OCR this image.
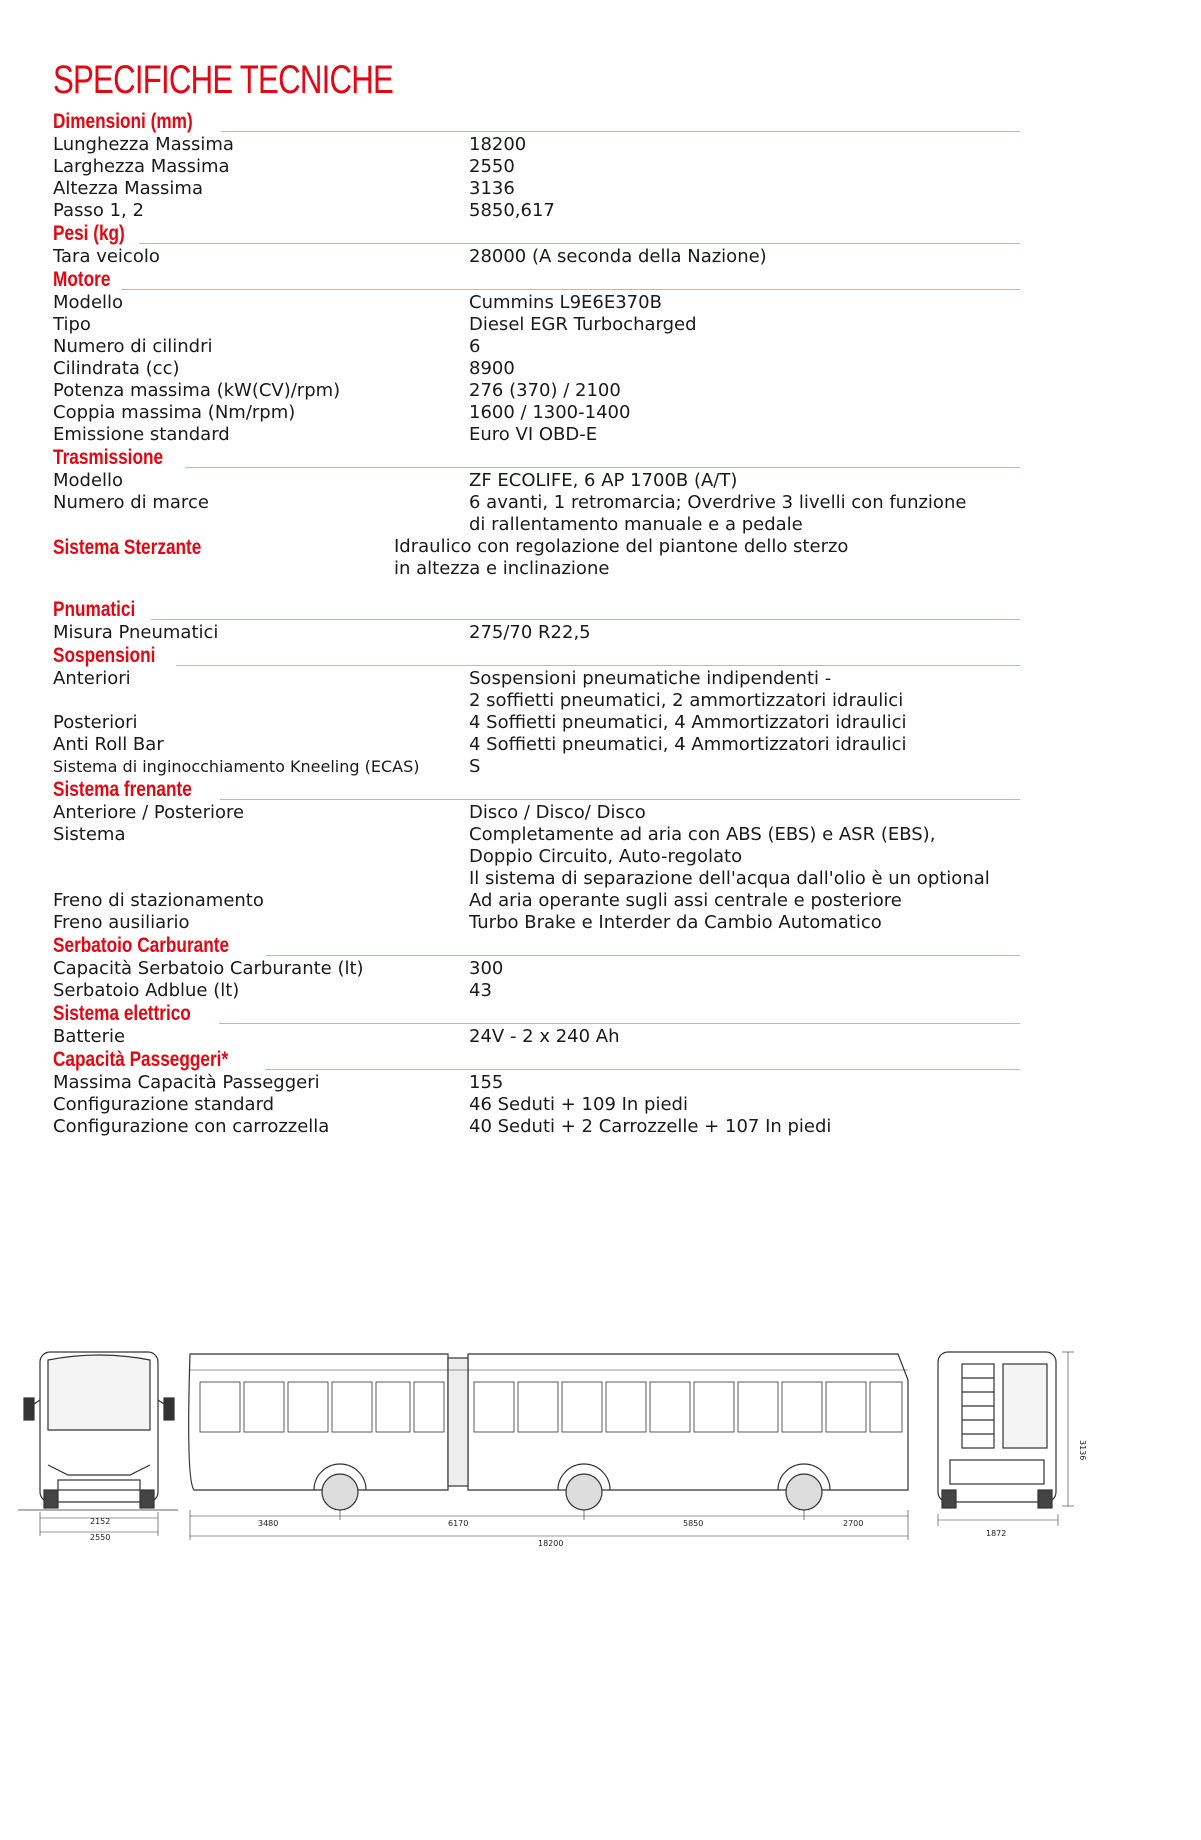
SPECIFICHE TECNICHE
Dimensioni (mm)
Lunghezza Massima	18200
Larghezza Massima	2550
Altezza Massima	3136
Passo 1, 2	5850,617
Pesi (kg)
Tara veicolo	28000 (A seconda della Nazione)
Motore
Modello	Cummins L9E6E370B
Tipo	Diesel EGR Turbocharged
Numero di cilindri	6
Cilindrata (cc)	8900
Potenza massima (kW(CV)/rpm)	276 (370) / 2100
Coppia massima (Nm/rpm)	1600 / 1300-1400
Emissione standard	Euro VI OBD-E
Trasmissione
Modello	ZF ECOLIFE, 6 AP 1700B (A/T)
Numero di marce	6 avanti, 1 retromarcia; Overdrive 3 livelli con funzione
di rallentamento manuale e a pedale
Sistema Sterzante	Idraulico con regolazione del piantone dello sterzo
in altezza e inclinazione
Pnumatici
Misura Pneumatici	275/70 R22,5
Sospensioni
Anteriori	Sospensioni pneumatiche indipendenti -
2 soffietti pneumatici, 2 ammortizzatori idraulici
Posteriori	4 Soffietti pneumatici, 4 Ammortizzatori idraulici
Anti Roll Bar	4 Soffietti pneumatici, 4 Ammortizzatori idraulici
Sistema di inginocchiamento Kneeling (ECAS)	S
Sistema frenante
Anteriore / Posteriore	Disco / Disco/ Disco
Sistema	Completamente ad aria con ABS (EBS) e ASR (EBS),
Doppio Circuito, Auto-regolato
Il sistema di separazione dell'acqua dall'olio è un optional
Freno di stazionamento	Ad aria operante sugli assi centrale e posteriore
Freno ausiliario	Turbo Brake e Interder da Cambio Automatico
Serbatoio Carburante
Capacità Serbatoio Carburante (lt)	300
Serbatoio Adblue (lt)	43
Sistema elettrico
Batterie	24V - 2 x 240 Ah
Capacità Passeggeri*
Massima Capacità Passeggeri	155
Configurazione standard	46 Seduti + 109 In piedi
Configurazione con carrozzella	40 Seduti + 2 Carrozzelle + 107 In piedi
2152
2550
3480	6170	5850	2700
18200
3136
1872
